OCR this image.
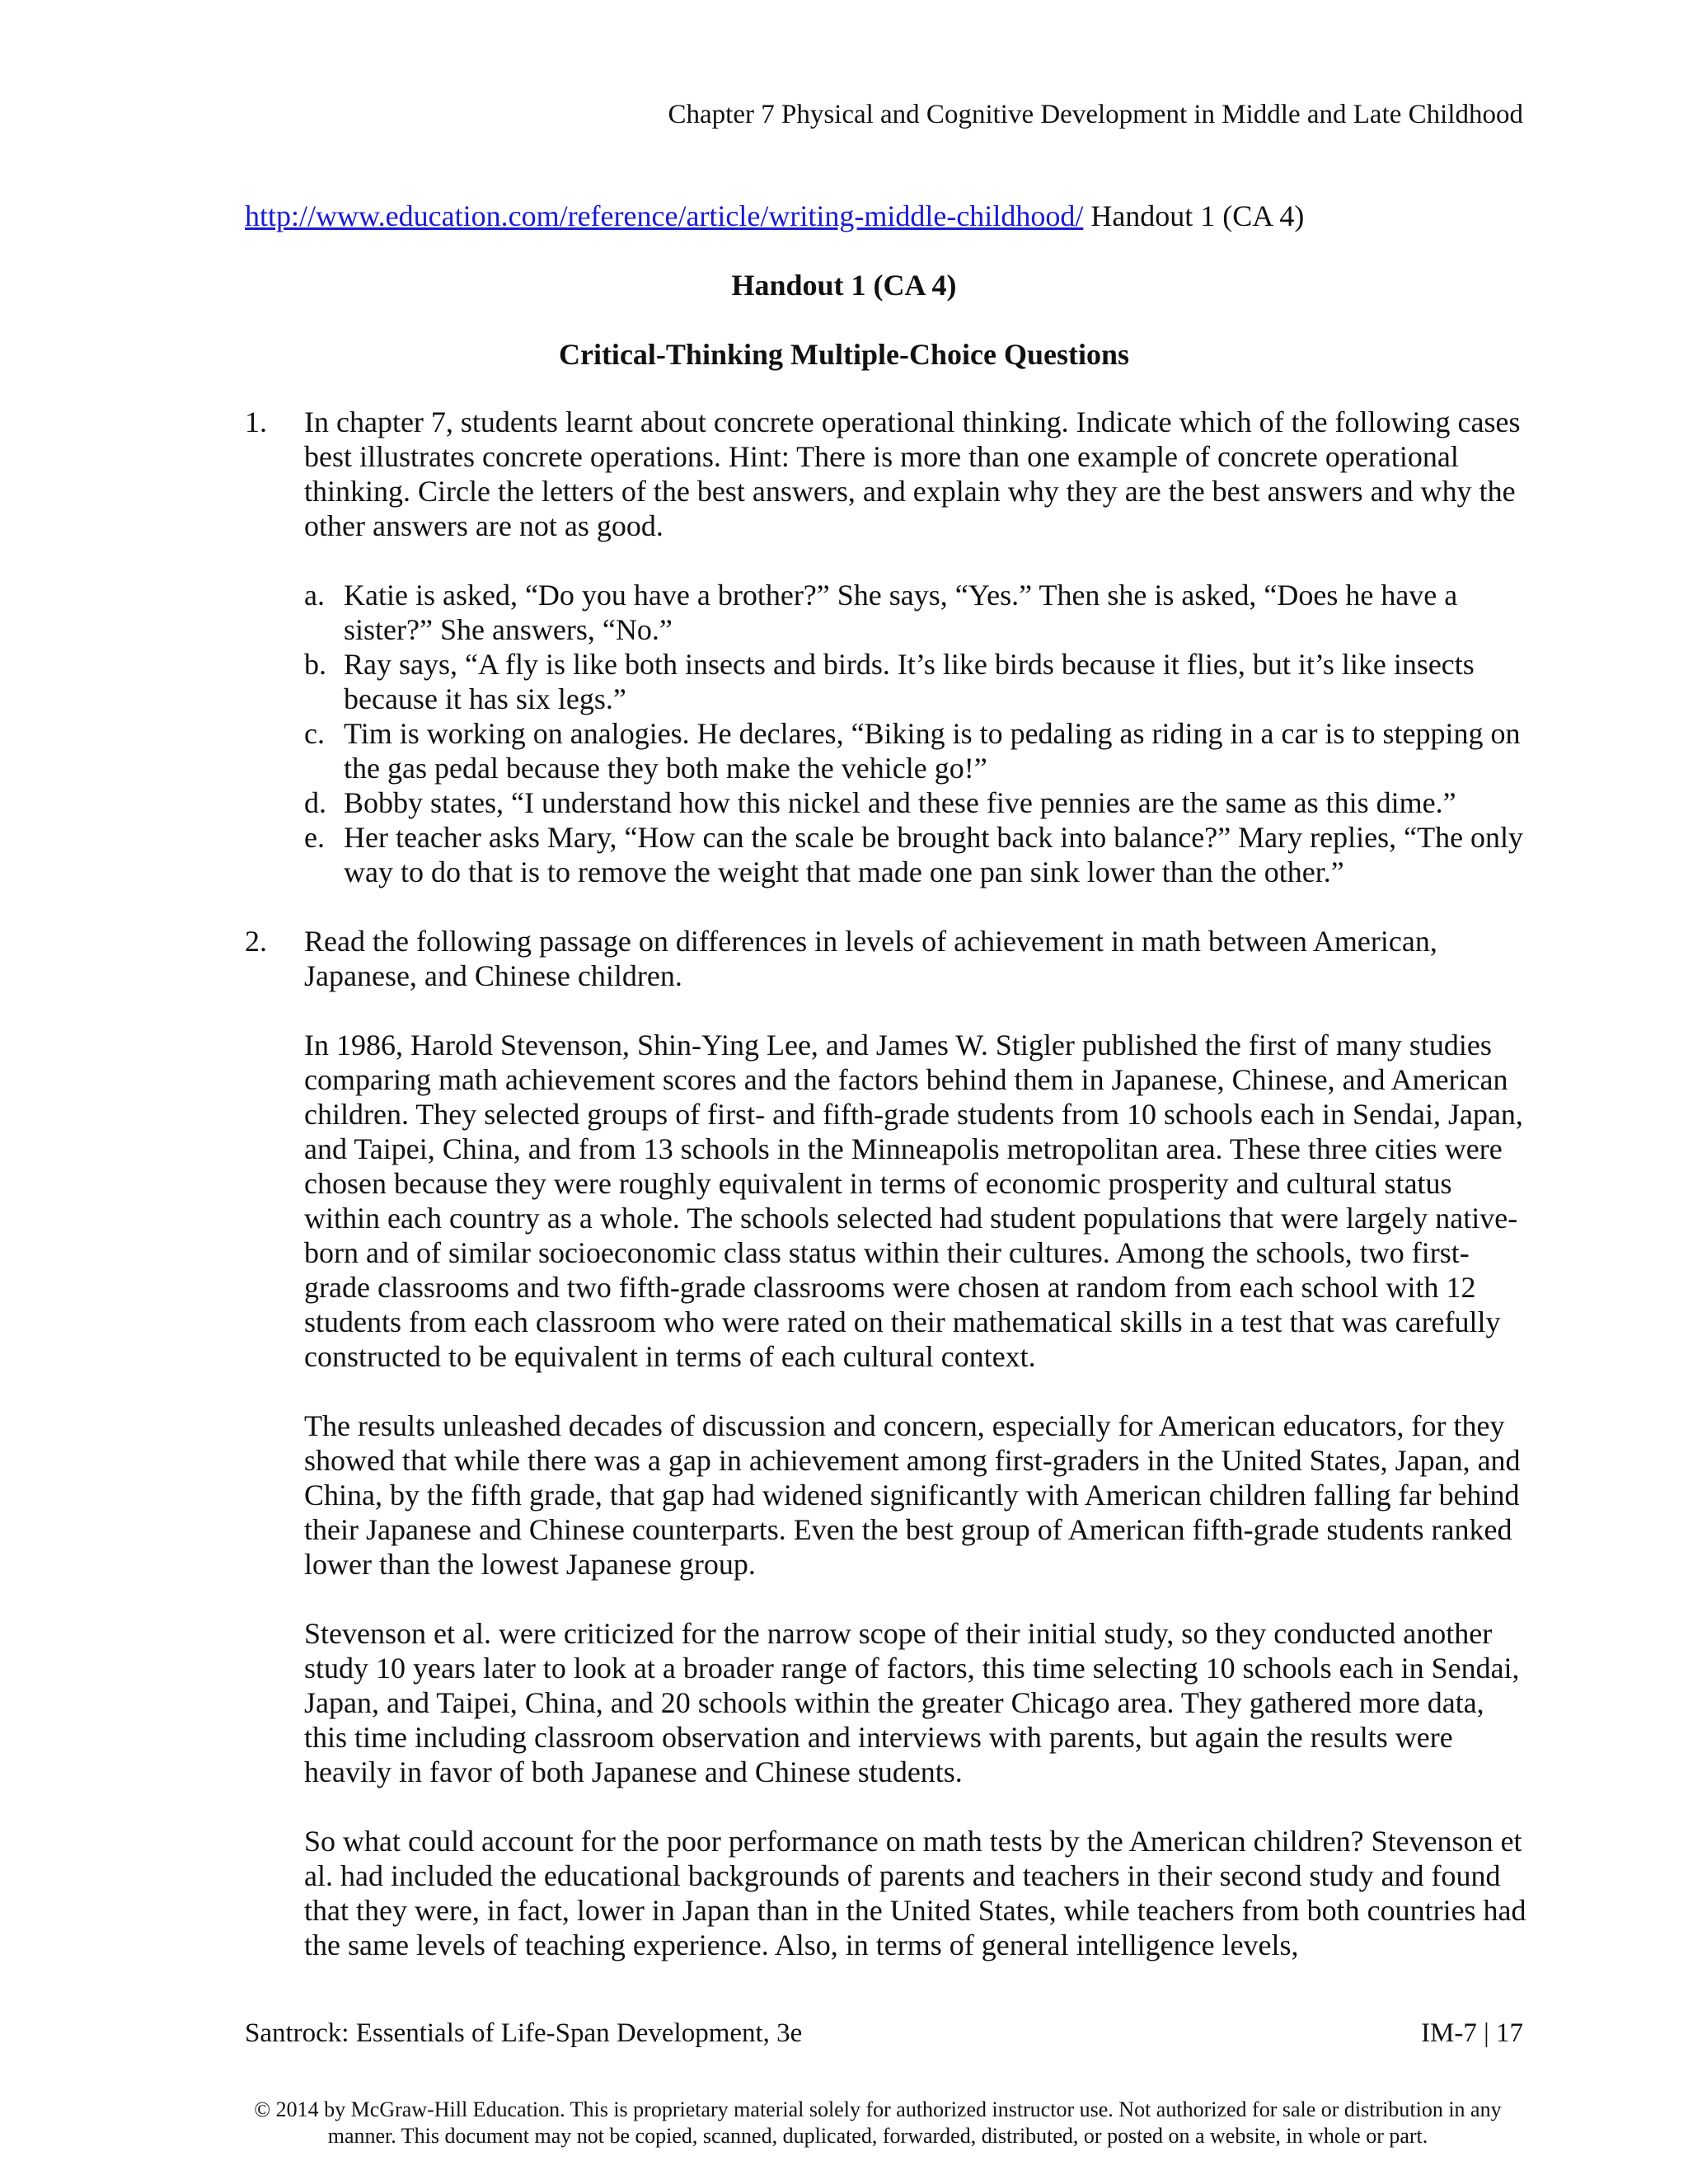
Chapter 7 Physical and Cognitive Development in Middle and Late Childhood
http://www.education.com/reference/article/writing-middle-childhood/ Handout 1 (CA 4)
Handout 1 (CA 4)
Critical-Thinking Multiple-Choice Questions
1. In chapter 7, students learnt about concrete operational thinking. Indicate which of the following cases best illustrates concrete operations. Hint: There is more than one example of concrete operational thinking. Circle the letters of the best answers, and explain why they are the best answers and why the other answers are not as good.
a. Katie is asked, “Do you have a brother?” She says, “Yes.” Then she is asked, “Does he have a sister?” She answers, “No.”
b. Ray says, “A fly is like both insects and birds. It’s like birds because it flies, but it’s like insects because it has six legs.”
c. Tim is working on analogies. He declares, “Biking is to pedaling as riding in a car is to stepping on the gas pedal because they both make the vehicle go!”
d. Bobby states, “I understand how this nickel and these five pennies are the same as this dime.”
e. Her teacher asks Mary, “How can the scale be brought back into balance?” Mary replies, “The only way to do that is to remove the weight that made one pan sink lower than the other.”
2. Read the following passage on differences in levels of achievement in math between American, Japanese, and Chinese children.
In 1986, Harold Stevenson, Shin-Ying Lee, and James W. Stigler published the first of many studies comparing math achievement scores and the factors behind them in Japanese, Chinese, and American children. They selected groups of first- and fifth-grade students from 10 schools each in Sendai, Japan, and Taipei, China, and from 13 schools in the Minneapolis metropolitan area. These three cities were chosen because they were roughly equivalent in terms of economic prosperity and cultural status within each country as a whole. The schools selected had student populations that were largely native-born and of similar socioeconomic class status within their cultures. Among the schools, two first-grade classrooms and two fifth-grade classrooms were chosen at random from each school with 12 students from each classroom who were rated on their mathematical skills in a test that was carefully constructed to be equivalent in terms of each cultural context.
The results unleashed decades of discussion and concern, especially for American educators, for they showed that while there was a gap in achievement among first-graders in the United States, Japan, and China, by the fifth grade, that gap had widened significantly with American children falling far behind their Japanese and Chinese counterparts. Even the best group of American fifth-grade students ranked lower than the lowest Japanese group.
Stevenson et al. were criticized for the narrow scope of their initial study, so they conducted another study 10 years later to look at a broader range of factors, this time selecting 10 schools each in Sendai, Japan, and Taipei, China, and 20 schools within the greater Chicago area. They gathered more data, this time including classroom observation and interviews with parents, but again the results were heavily in favor of both Japanese and Chinese students.
So what could account for the poor performance on math tests by the American children? Stevenson et al. had included the educational backgrounds of parents and teachers in their second study and found that they were, in fact, lower in Japan than in the United States, while teachers from both countries had the same levels of teaching experience. Also, in terms of general intelligence levels,
Santrock: Essentials of Life-Span Development, 3e	IM-7 | 17
© 2014 by McGraw-Hill Education. This is proprietary material solely for authorized instructor use. Not authorized for sale or distribution in any manner. This document may not be copied, scanned, duplicated, forwarded, distributed, or posted on a website, in whole or part.
